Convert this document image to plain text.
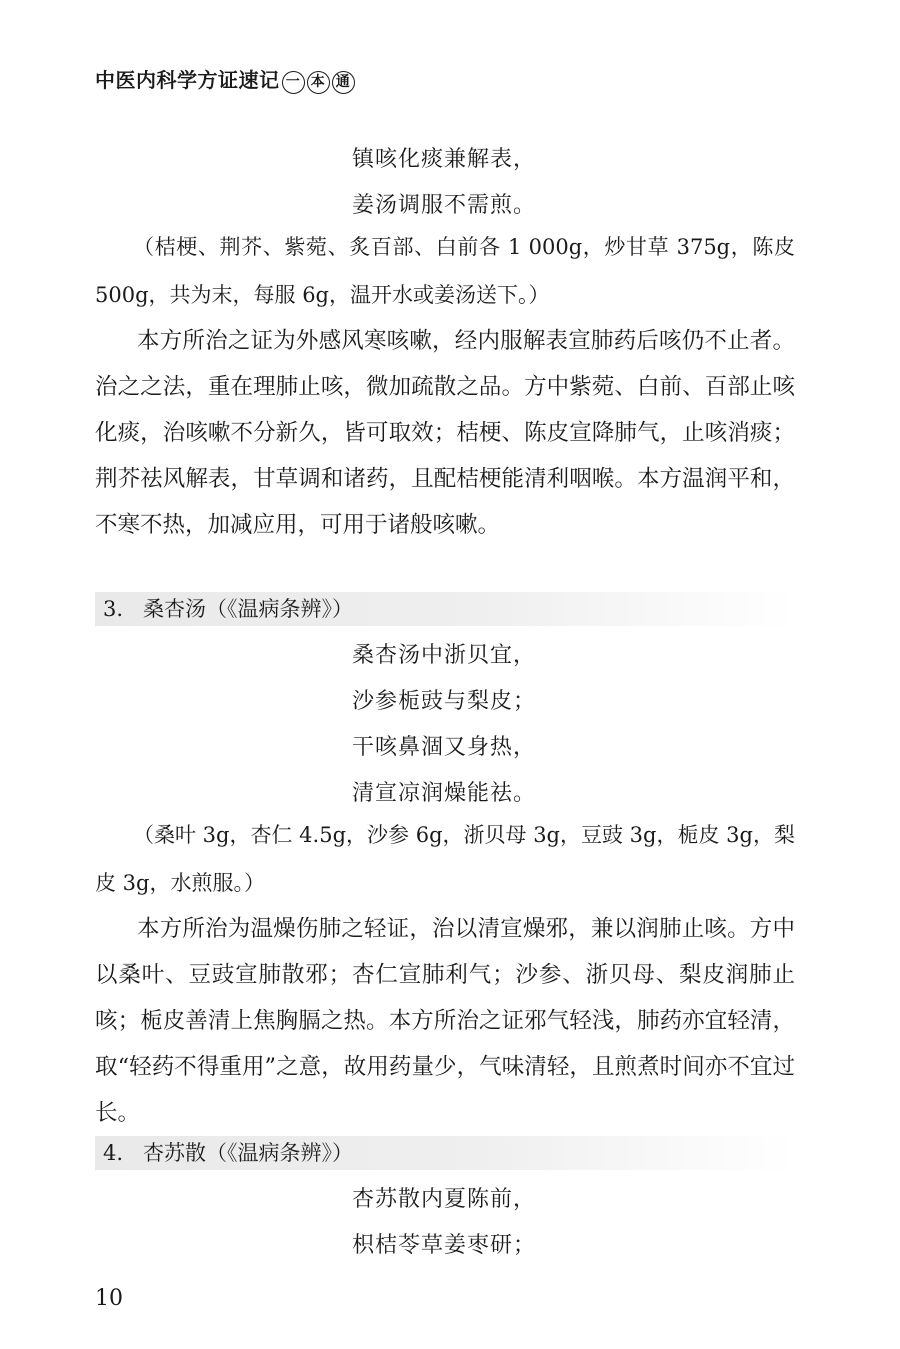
中医内科学方证速记 一 本 通
镇咳化痰兼解表，
姜汤调服不需煎。
（桔梗、荆芥、紫菀、炙百部、白前各 1 000g，炒甘草 375g，陈皮 500g，共为末，每服 6g，温开水或姜汤送下。）
本方所治之证为外感风寒咳嗽，经内服解表宣肺药后咳仍不止者。治之之法，重在理肺止咳，微加疏散之品。方中紫菀、白前、百部止咳化痰，治咳嗽不分新久，皆可取效；桔梗、陈皮宣降肺气，止咳消痰；荆芥祛风解表，甘草调和诸药，且配桔梗能清利咽喉。本方温润平和，不寒不热，加减应用，可用于诸般咳嗽。
3. 桑杏汤（《温病条辨》）
桑杏汤中浙贝宜，
沙参栀豉与梨皮；
干咳鼻涸又身热，
清宣凉润燥能祛。
（桑叶 3g，杏仁 4.5g，沙参 6g，浙贝母 3g，豆豉 3g，栀皮 3g，梨皮 3g，水煎服。）
本方所治为温燥伤肺之轻证，治以清宣燥邪，兼以润肺止咳。方中以桑叶、豆豉宣肺散邪；杏仁宣肺利气；沙参、浙贝母、梨皮润肺止咳；栀皮善清上焦胸膈之热。本方所治之证邪气轻浅，肺药亦宜轻清，取“轻药不得重用”之意，故用药量少，气味清轻，且煎煮时间亦不宜过长。
4. 杏苏散（《温病条辨》）
杏苏散内夏陈前，
枳桔苓草姜枣研；
10
